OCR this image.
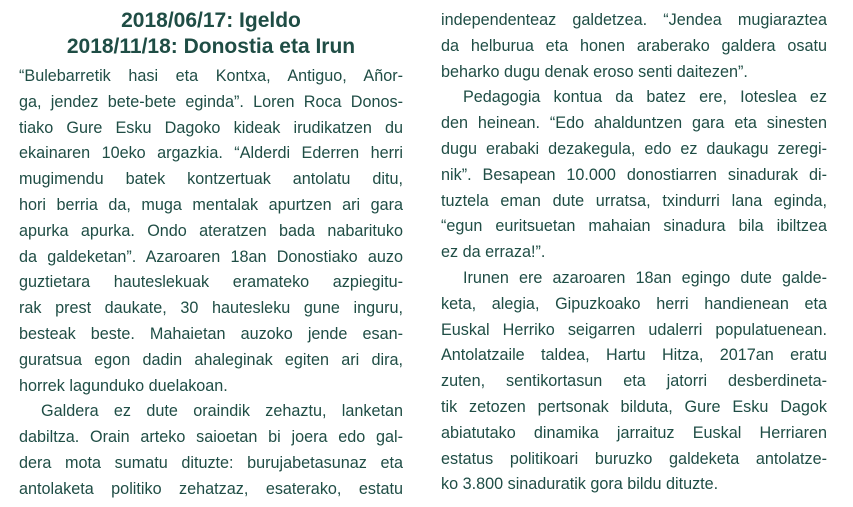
2018/06/17: Igeldo
2018/11/18: Donostia eta Irun
“Bulebarretik hasi eta Kontxa, Antiguo, Añor-
ga, jendez bete-bete eginda”. Loren Roca Donos-
tiako Gure Esku Dagoko kideak irudikatzen du
ekainaren 10eko argazkia. “Alderdi Ederren herri
mugimendu batek kontzertuak antolatu ditu,
hori berria da, muga mentalak apurtzen ari gara
apurka apurka. Ondo ateratzen bada nabarituko
da galdeketan”. Azaroaren 18an Donostiako auzo
guztietara hauteslekuak eramateko azpiegitu-
rak prest daukate, 30 hautesleku gune inguru,
besteak beste. Mahaietan auzoko jende esan-
guratsua egon dadin ahaleginak egiten ari dira,
horrek lagunduko duelakoan.
Galdera ez dute oraindik zehaztu, lanketan
dabiltza. Orain arteko saioetan bi joera edo gal-
dera mota sumatu dituzte: burujabetasunaz eta
antolaketa politiko zehatzaz, esaterako, estatu
independenteaz galdetzea. “Jendea mugiaraztea
da helburua eta honen araberako galdera osatu
beharko dugu denak eroso senti daitezen”.
Pedagogia kontua da batez ere, Ioteslea ez
den heinean. “Edo ahalduntzen gara eta sinesten
dugu erabaki dezakegula, edo ez daukagu zeregi-
nik”. Besapean 10.000 donostiarren sinadurak di-
tuztela eman dute urratsa, txindurri lana eginda,
“egun euritsuetan mahaian sinadura bila ibiltzea
ez da erraza!”.
Irunen ere azaroaren 18an egingo dute galde-
keta, alegia, Gipuzkoako herri handienean eta
Euskal Herriko seigarren udalerri populatuenean.
Antolatzaile taldea, Hartu Hitza, 2017an eratu
zuten, sentikortasun eta jatorri desberdineta-
tik zetozen pertsonak bilduta, Gure Esku Dagok
abiatutako dinamika jarraituz Euskal Herriaren
estatus politikoari buruzko galdeketa antolatze-
ko 3.800 sinaduratik gora bildu dituzte.
